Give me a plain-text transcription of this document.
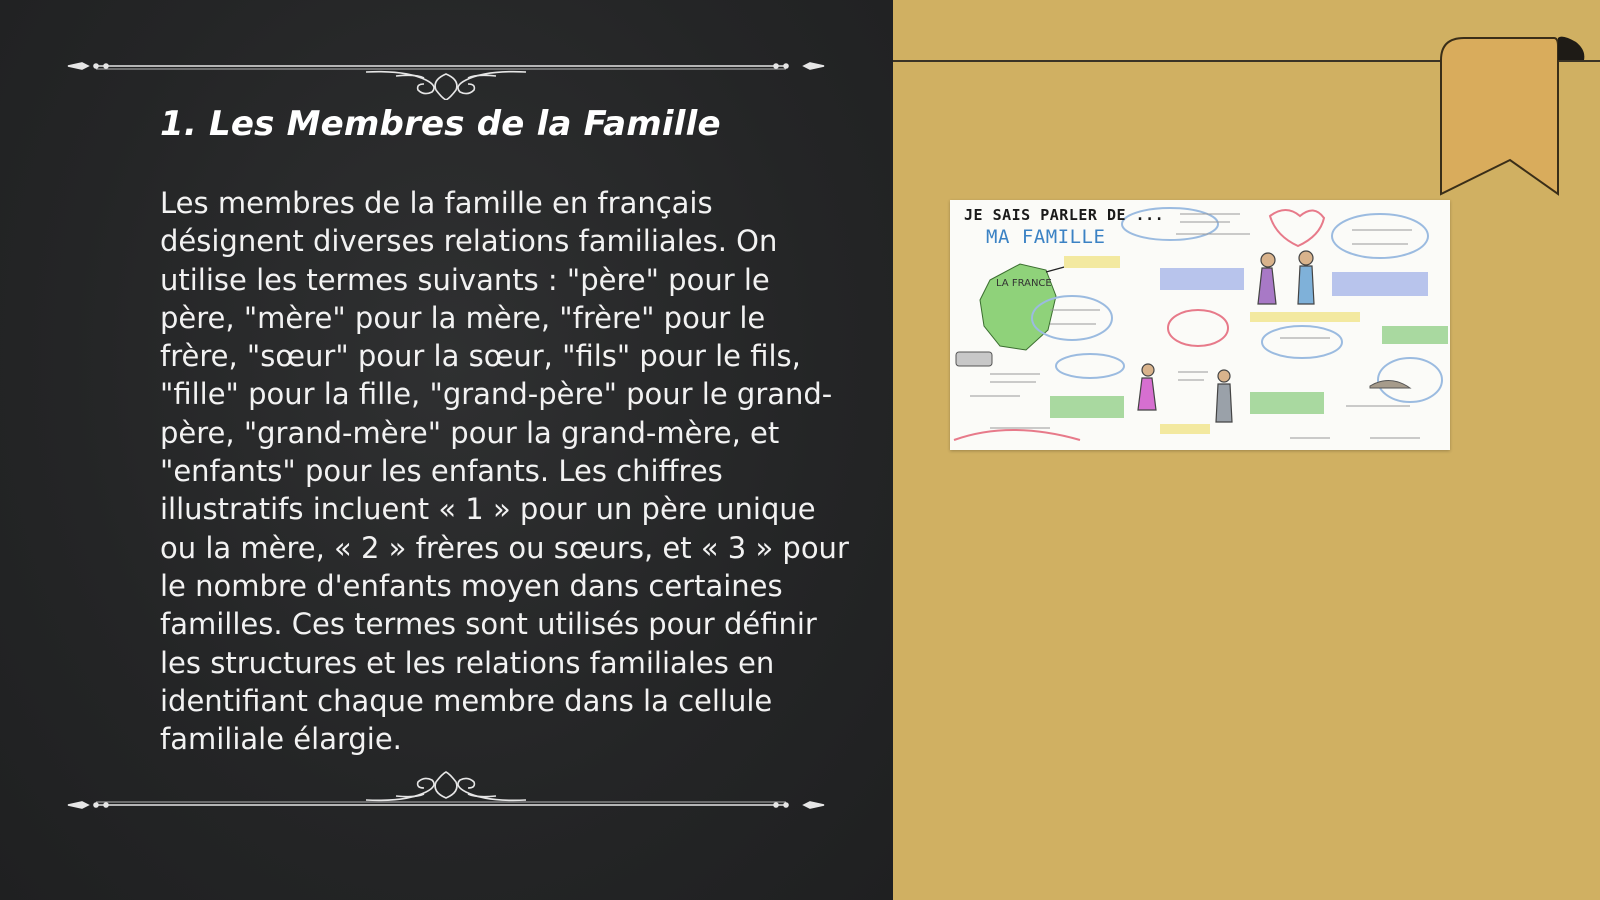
1. Les Membres de la Famille

Les membres de la famille en français désignent diverses relations familiales. On utilise les termes suivants : "père" pour le père, "mère" pour la mère, "frère" pour le frère, "sœur" pour la sœur, "fils" pour le fils, "fille" pour la fille, "grand-père" pour le grand-père, "grand-mère" pour la grand-mère, et "enfants" pour les enfants. Les chiffres illustratifs incluent « 1 » pour un père unique ou la mère, « 2 » frères ou sœurs, et « 3 » pour le nombre d'enfants moyen dans certaines familles. Ces termes sont utilisés pour définir les structures et les relations familiales en identifiant chaque membre dans la cellule familiale élargie.

JE SAIS PARLER DE ...
MA FAMILLE
LA FRANCE
